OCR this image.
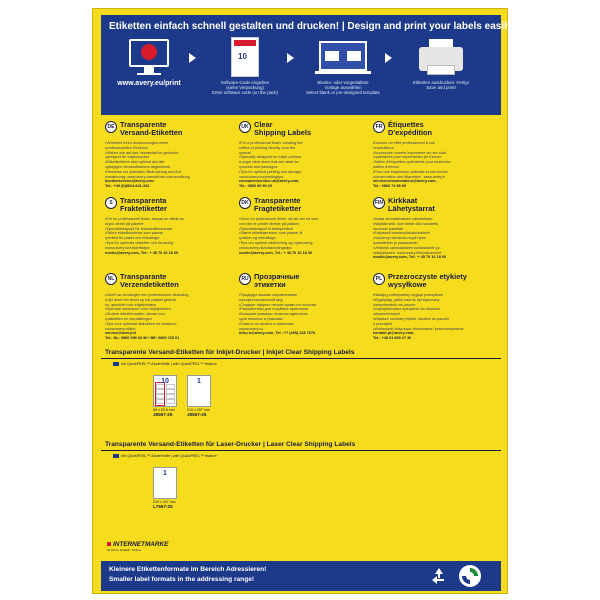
Etiketten einfach schnell gestalten und drucken! | Design and print your labels easily!
www.avery.eu/print
10
Software-Code eingeben
(siehe Verpackung)
Enter software code (on the pack)
Blanko- oder vorgestaltete
Vorlage auswählen
Select blank or pre-designed template
Etiketten ausdrucken. Fertig!
Save and print!
DE Transparente
Versand-Etiketten
• Verleihen Ihren Aussendungen einen
• professionellen Eindruck
• Wirken wie auf das Versandstück gedruckt,
• geeignet für Inkjetdrucker
• Etikettenfarbe sind optimal auf alle
• gängigen Versandkartons abgestimmt
• Hinweise zur optimalen Bedruckung und Auf-
• bewahrung: www.avery-zweckform.com/anleitung
kundenservice@avery.com
Tel.: +49 (0)8024-641-342
UK Clear
Shipping Labels
• For a professional finish, creating the
• effect of printing directly onto the
• parcel
• Specially designed for inkjet printers
• Larger label sizes that are ideal for
• parcels and packages
• Tips for optimal printing and storage:
• www.avery.eu/printingtips
consumerservice-uk@avery.com,
Tel.: 0800 80 50 20
FR Étiquettes
D'expédition
• Donnez un effet professionnel à vos
• expéditions
• Accessoire comme imprimerie sur les colis,
• optimisées pour imprimantes jet d'encre
• Tailles d'étiquettes optimisées pour toutes les
• tailles d'envois
• Pour une impression optimale et une bonne
• conservation des étiquettes : www.avery.fr
serviceconsommateur@avery.com,
Tel.: 0800 74 58 99
S Transparenta
Fraktetiketter
• För en professionell finish, skapar en effekt av
• tryck direkt på paketet
• Specialdesignad för bläckstråleskrivare
• Större etikettstorlekar som passar
• perfekt för paket och emballage
• Tips för optimala utskrifter och förvaring:
• www.avery.se/utskriftstips
nordic@avery.com, Tel.: + 45 70 10 18 00
DK Transparente
Fragtetiketter
• Giver en professionel finish, så det ser ud som
• om der er printet direkte på pakken
• Specialdesignet til blækprintere
• Større etiketstørrelser, som passer til
• pakker og emballage
• Tips om optimal udskrivning og opbevaring:
• www.avery.dk/udskrivningstips
nordic@avery.com, Tel.: + 45 70 10 18 00
FIN Kirkkaat
Lähetystarrat
• Antaa ammattimaisen vaikutelman
• Näyttää siltä, kuin teksti olisi tulostettu
• suoraan pakettiin
• Erityisesti mustesuihkutulostimiin
• Suurempi tarrakoko sopii hyvin
• paketteihin ja pakkauksiin
• Vinkkejä optimaaliseen tulostukseen ja
• säilytykseen: www.avery.fi/tulostusvinkit
nordic@avery.com, Tel.: + 45 70 10 18 00
NL Transparante
Verzendetiketten
• Geeft uw zendingen een professionele uitstraling
• Lijkt alsof het direct op het pakket gedrukt
• is, geschikt voor inkjetprinters
• Speciaal ontworpen voor inkjetprinters
• Grotere etiketformaten, ideaal voor
• pakketten en verpakkingen
• Tips voor optimaal afdrukken en bewaren:
• www.avery.nl/tips
service@avery.nl
Tel.: NL: 0800 099 33 90 / BE: 0800 725 01
RU Прозрачные
этикетки
• Придадут вашим отправлениям
• профессиональный вид
• Создают эффект печати прямо на посылке
• Разработаны для струйных принтеров
• Большие размеры этикеток идеальны
• для посылок и упаковки
• Советы по печати и хранению:
• www.avery.ru
info-ru@avery.com, Tel.: +7 (495) 228 7676
PL Przezroczyste etykiety
wysyłkowe
• Nadają profesjonalny wygląd przesyłkom
• Wyglądają, jakby nadruk był wykonany
• bezpośrednio na paczce
• Zaprojektowane specjalnie do drukarek
• atramentowych
• Większe rozmiary etykiet, idealne do paczek
• i przesyłek
• Wskazówki dotyczące drukowania i przechowywania:
kontakt-pl@avery.com,
Tel.: +48 61 899 27 40
Transparente Versand-Etiketten für Inkjet-Drucker | Inkjet Clear Shipping Labels
mit QuickPEEL™ Abziehhilfe | with QuickPEEL™ feature
10
96 x 50.8 mm
J8567-25
1
210 x 297 mm
J8567-25
Transparente Versand-Etiketten für Laser-Drucker | Laser Clear Shipping Labels
mit QuickPEEL™ Abziehhilfe | with QuickPEEL™ feature
1
210 x 297 mm
L7567-25
INTERNETMARKE
Ihr Porto. Einfach. Online.
Kleinere Etikettenformate im Bereich Adressieren!
Smaller label formats in the addressing range!
